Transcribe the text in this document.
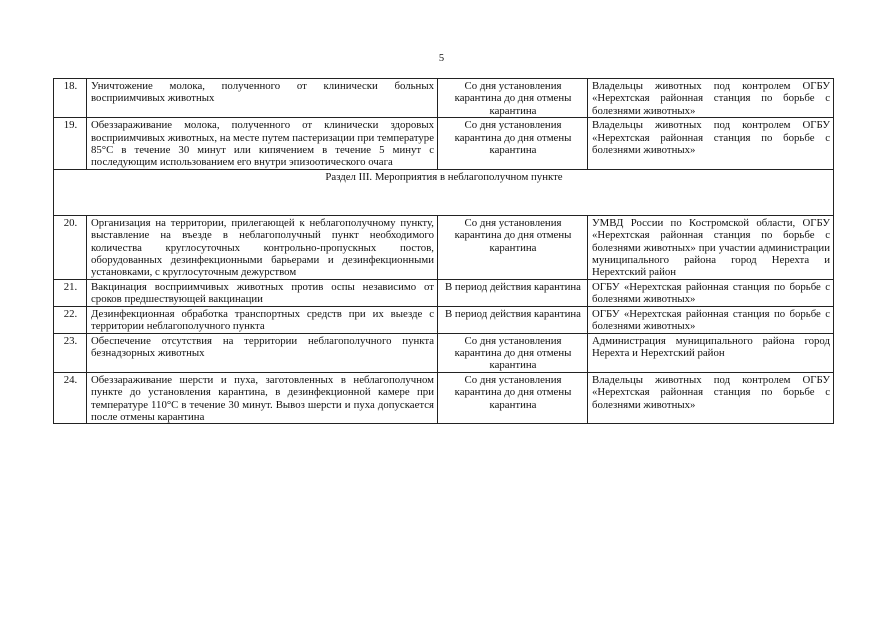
5
18.	Уничтожение молока, полученного от клинически больных восприимчивых животных	Со дня установления карантина до дня отмены карантина	Владельцы животных под контролем ОГБУ «Нерехтская районная станция по борьбе с болезнями животных»
19.	Обеззараживание молока, полученного от клинически здоровых восприимчивых животных, на месте путем пастеризации при температуре 85°С в течение 30 минут или кипячением в течение 5 минут с последующим использованием его внутри эпизоотического очага	Со дня установления карантина до дня отмены карантина	Владельцы животных под контролем ОГБУ «Нерехтская районная станция по борьбе с болезнями животных»
Раздел III. Мероприятия в неблагополучном пункте			
20.	Организация на территории, прилегающей к неблагополучному пункту, выставление на въезде в неблагополучный пункт необходимого количества круглосуточных контрольно-пропускных постов, оборудованных дезинфекционными барьерами и дезинфекционными установками, с круглосуточным дежурством	Со дня установления карантина до дня отмены карантина	УМВД России по Костромской области, ОГБУ «Нерехтская районная станция по борьбе с болезнями животных» при участии администрации муниципального района город Нерехта и Нерехтский район
21.	Вакцинация восприимчивых животных против оспы независимо от сроков предшествующей вакцинации	В период действия карантина	ОГБУ «Нерехтская районная станция по борьбе с болезнями животных»
22.	Дезинфекционная обработка транспортных средств при их выезде с территории неблагополучного пункта	В период действия карантина	ОГБУ «Нерехтская районная станция по борьбе с болезнями животных»
23.	Обеспечение отсутствия на территории неблагополучного пункта безнадзорных животных	Со дня установления карантина до дня отмены карантина	Администрация муниципального района город Нерехта и Нерехтский район
24.	Обеззараживание шерсти и пуха, заготовленных в неблагополучном пункте до установления карантина, в дезинфекционной камере при температуре 110°С в течение 30 минут. Вывоз шерсти и пуха допускается после отмены карантина	Со дня установления карантина до дня отмены карантина	Владельцы животных под контролем ОГБУ «Нерехтская районная станция по борьбе с болезнями животных»
